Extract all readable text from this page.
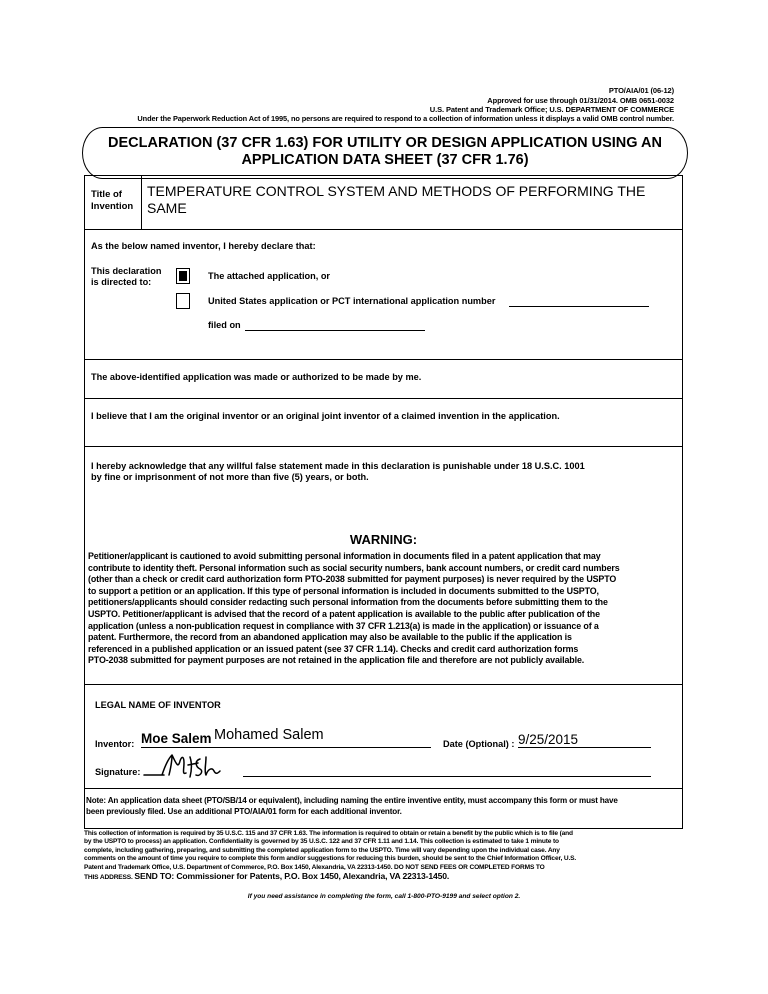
PTO/AIA/01 (06-12)
Approved for use through 01/31/2014. OMB 0651-0032
U.S. Patent and Trademark Office; U.S. DEPARTMENT OF COMMERCE
Under the Paperwork Reduction Act of 1995, no persons are required to respond to a collection of information unless it displays a valid OMB control number.
DECLARATION (37 CFR 1.63) FOR UTILITY OR DESIGN APPLICATION USING AN
APPLICATION DATA SHEET (37 CFR 1.76)
Title of
Invention
TEMPERATURE CONTROL SYSTEM AND METHODS OF PERFORMING THE
SAME
As the below named inventor, I hereby declare that:
This declaration
is directed to:
The attached application, or
United States application or PCT international application number
filed on
The above-identified application was made or authorized to be made by me.
I believe that I am the original inventor or an original joint inventor of a claimed invention in the application.
I hereby acknowledge that any willful false statement made in this declaration is punishable under 18 U.S.C. 1001
by fine or imprisonment of not more than five (5) years, or both.
WARNING:
Petitioner/applicant is cautioned to avoid submitting personal information in documents filed in a patent application that may
contribute to identity theft. Personal information such as social security numbers, bank account numbers, or credit card numbers
(other than a check or credit card authorization form PTO-2038 submitted for payment purposes) is never required by the USPTO
to support a petition or an application. If this type of personal information is included in documents submitted to the USPTO,
petitioners/applicants should consider redacting such personal information from the documents before submitting them to the
USPTO. Petitioner/applicant is advised that the record of a patent application is available to the public after publication of the
application (unless a non-publication request in compliance with 37 CFR 1.213(a) is made in the application) or issuance of a
patent. Furthermore, the record from an abandoned application may also be available to the public if the application is
referenced in a published application or an issued patent (see 37 CFR 1.14). Checks and credit card authorization forms
PTO-2038 submitted for payment purposes are not retained in the application file and therefore are not publicly available.
LEGAL NAME OF INVENTOR
Inventor: Moe Salem Mohamed Salem
Date (Optional) : 9/25/2015
Signature:
Note: An application data sheet (PTO/SB/14 or equivalent), including naming the entire inventive entity, must accompany this form or must have
been previously filed. Use an additional PTO/AIA/01 form for each additional inventor.
This collection of information is required by 35 U.S.C. 115 and 37 CFR 1.63. The information is required to obtain or retain a benefit by the public which is to file (and
by the USPTO to process) an application. Confidentiality is governed by 35 U.S.C. 122 and 37 CFR 1.11 and 1.14. This collection is estimated to take 1 minute to
complete, including gathering, preparing, and submitting the completed application form to the USPTO. Time will vary depending upon the individual case. Any
comments on the amount of time you require to complete this form and/or suggestions for reducing this burden, should be sent to the Chief Information Officer, U.S.
Patent and Trademark Office, U.S. Department of Commerce, P.O. Box 1450, Alexandria, VA 22313-1450. DO NOT SEND FEES OR COMPLETED FORMS TO
THIS ADDRESS. SEND TO: Commissioner for Patents, P.O. Box 1450, Alexandria, VA 22313-1450.
If you need assistance in completing the form, call 1-800-PTO-9199 and select option 2.
